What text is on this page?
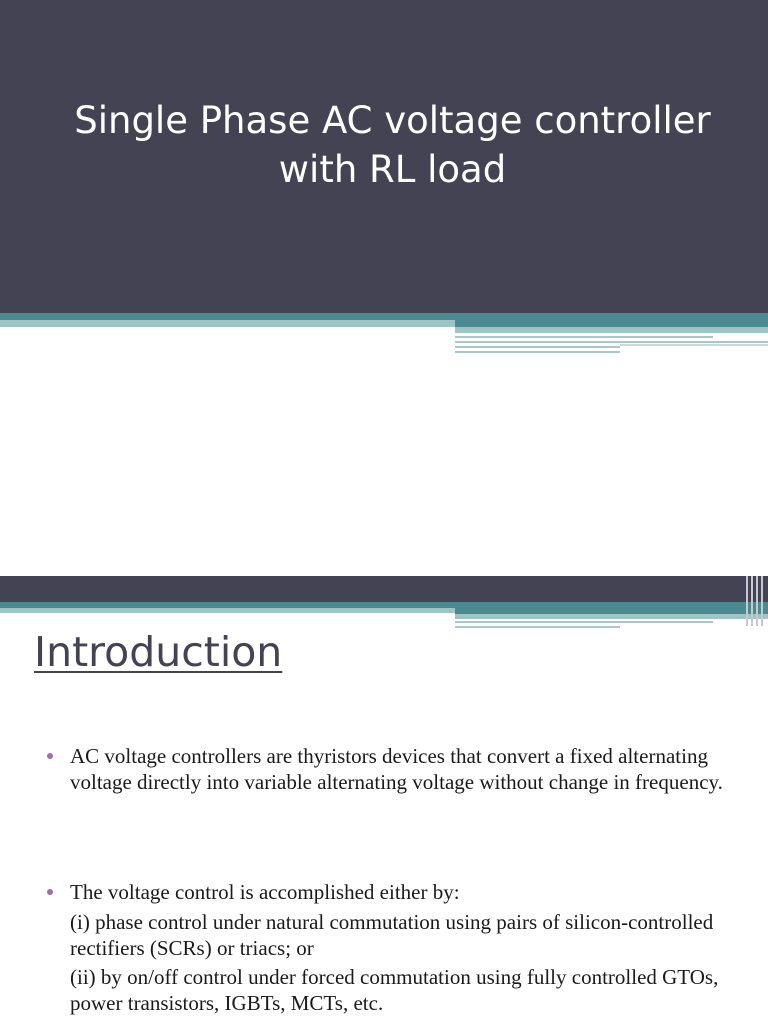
Single Phase AC voltage controller
with RL load
Introduction
AC voltage controllers are thyristors devices that convert a fixed alternating voltage directly into variable alternating voltage without change in frequency.
The voltage control is accomplished either by:
(i) phase control under natural commutation using pairs of silicon-controlled rectifiers (SCRs) or triacs; or
(ii) by on/off control under forced commutation using fully controlled GTOs, power transistors, IGBTs, MCTs, etc.
